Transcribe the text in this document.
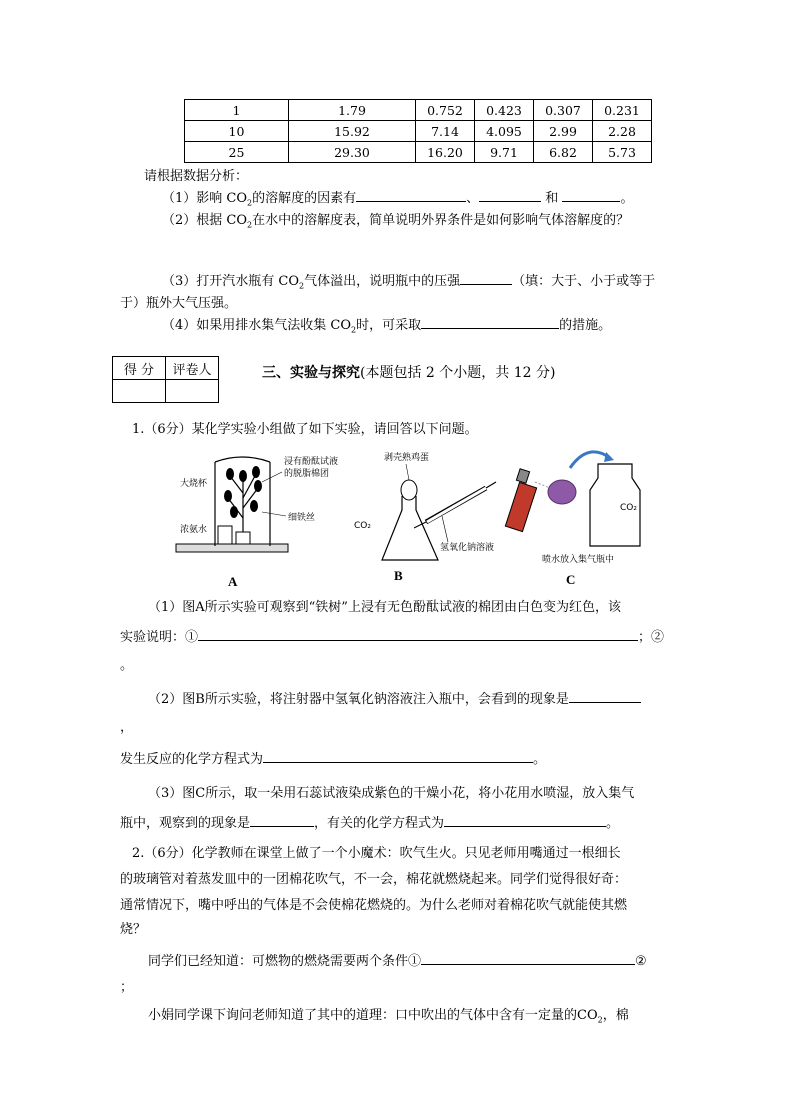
1	1.79	0.752	0.423	0.307	0.231
10	15.92	7.14	4.095	2.99	2.28
25	29.30	16.20	9.71	6.82	5.73
请根据数据分析：
（1）影响 $CO_2$的溶解度的因素有	、	和	。
（2）根据 $CO_2$在水中的溶解度表，简单说明外界条件是如何影响气体溶解度的？
（3）打开汽水瓶有 $CO_2$气体溢出，说明瓶中的压强	（填：大于、小于或等于
于）瓶外大气压强。
（4）如果用排水集气法收集 $CO_2$时，可采取	的措施。
得 分	评卷人
		三、实验与探究(本题包括 2 个小题，共 12 分)
1.（6分）某化学实验小组做了如下实验，请回答以下问题。
大烧杯
浓氨水
浸有酚酞试液
的脱脂棉团
细铁丝
剥壳熟鸡蛋
CO₂
氢氧化钠溶液
CO₂
喷水放入集气瓶中
A	B	C
（1）图A所示实验可观察到“铁树”上浸有无色酚酞试液的棉团由白色变为红色，该
实验说明：①	；②
。
（2）图B所示实验，将注射器中氢氧化钠溶液注入瓶中，会看到的现象是
，
发生反应的化学方程式为	。
（3）图C所示，取一朵用石蕊试液染成紫色的干燥小花，将小花用水喷湿，放入集气
瓶中，观察到的现象是	，有关的化学方程式为	。
2.（6分）化学教师在课堂上做了一个小魔术：吹气生火。只见老师用嘴通过一根细长
的玻璃管对着蒸发皿中的一团棉花吹气，不一会，棉花就燃烧起来。同学们觉得很好奇：
通常情况下，嘴中呼出的气体是不会使棉花燃烧的。为什么老师对着棉花吹气就能使其燃
烧？
同学们已经知道：可燃物的燃烧需要两个条件①	②
；
小娟同学课下询问老师知道了其中的道理：口中吹出的气体中含有一定量的$CO_2$，棉
